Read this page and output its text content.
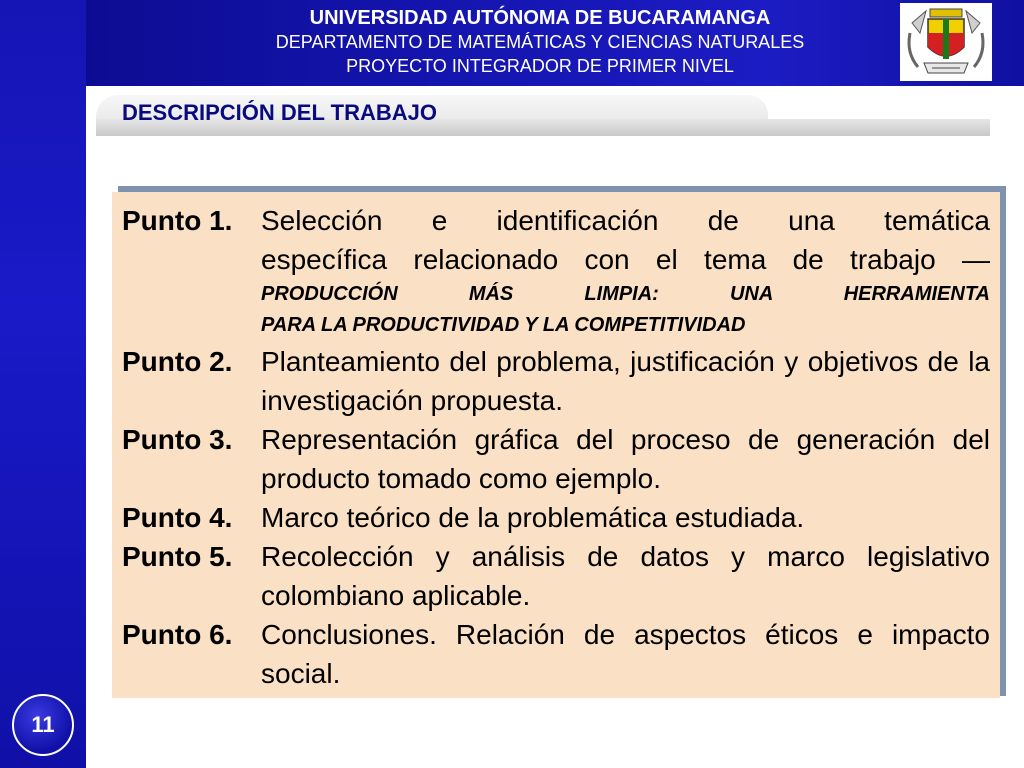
UNIVERSIDAD AUTÓNOMA DE BUCARAMANGA
DEPARTAMENTO DE MATEMÁTICAS Y CIENCIAS NATURALES
PROYECTO INTEGRADOR DE PRIMER NIVEL
DESCRIPCIÓN DEL TRABAJO
Punto 1.	Selección e identificación de una temática
específica relacionado con el tema de trabajo —
PRODUCCIÓN MÁS LIMPIA: UNA HERRAMIENTA
PARA LA PRODUCTIVIDAD Y LA COMPETITIVIDAD
Punto 2.	Planteamiento del problema, justificación y objetivos de la investigación propuesta.
Punto 3.	Representación gráfica del proceso de generación del producto tomado como ejemplo.
Punto 4.	Marco teórico de la problemática estudiada.
Punto 5.	Recolección y análisis de datos y marco legislativo colombiano aplicable.
Punto 6.	Conclusiones. Relación de aspectos éticos e impacto social.
11
